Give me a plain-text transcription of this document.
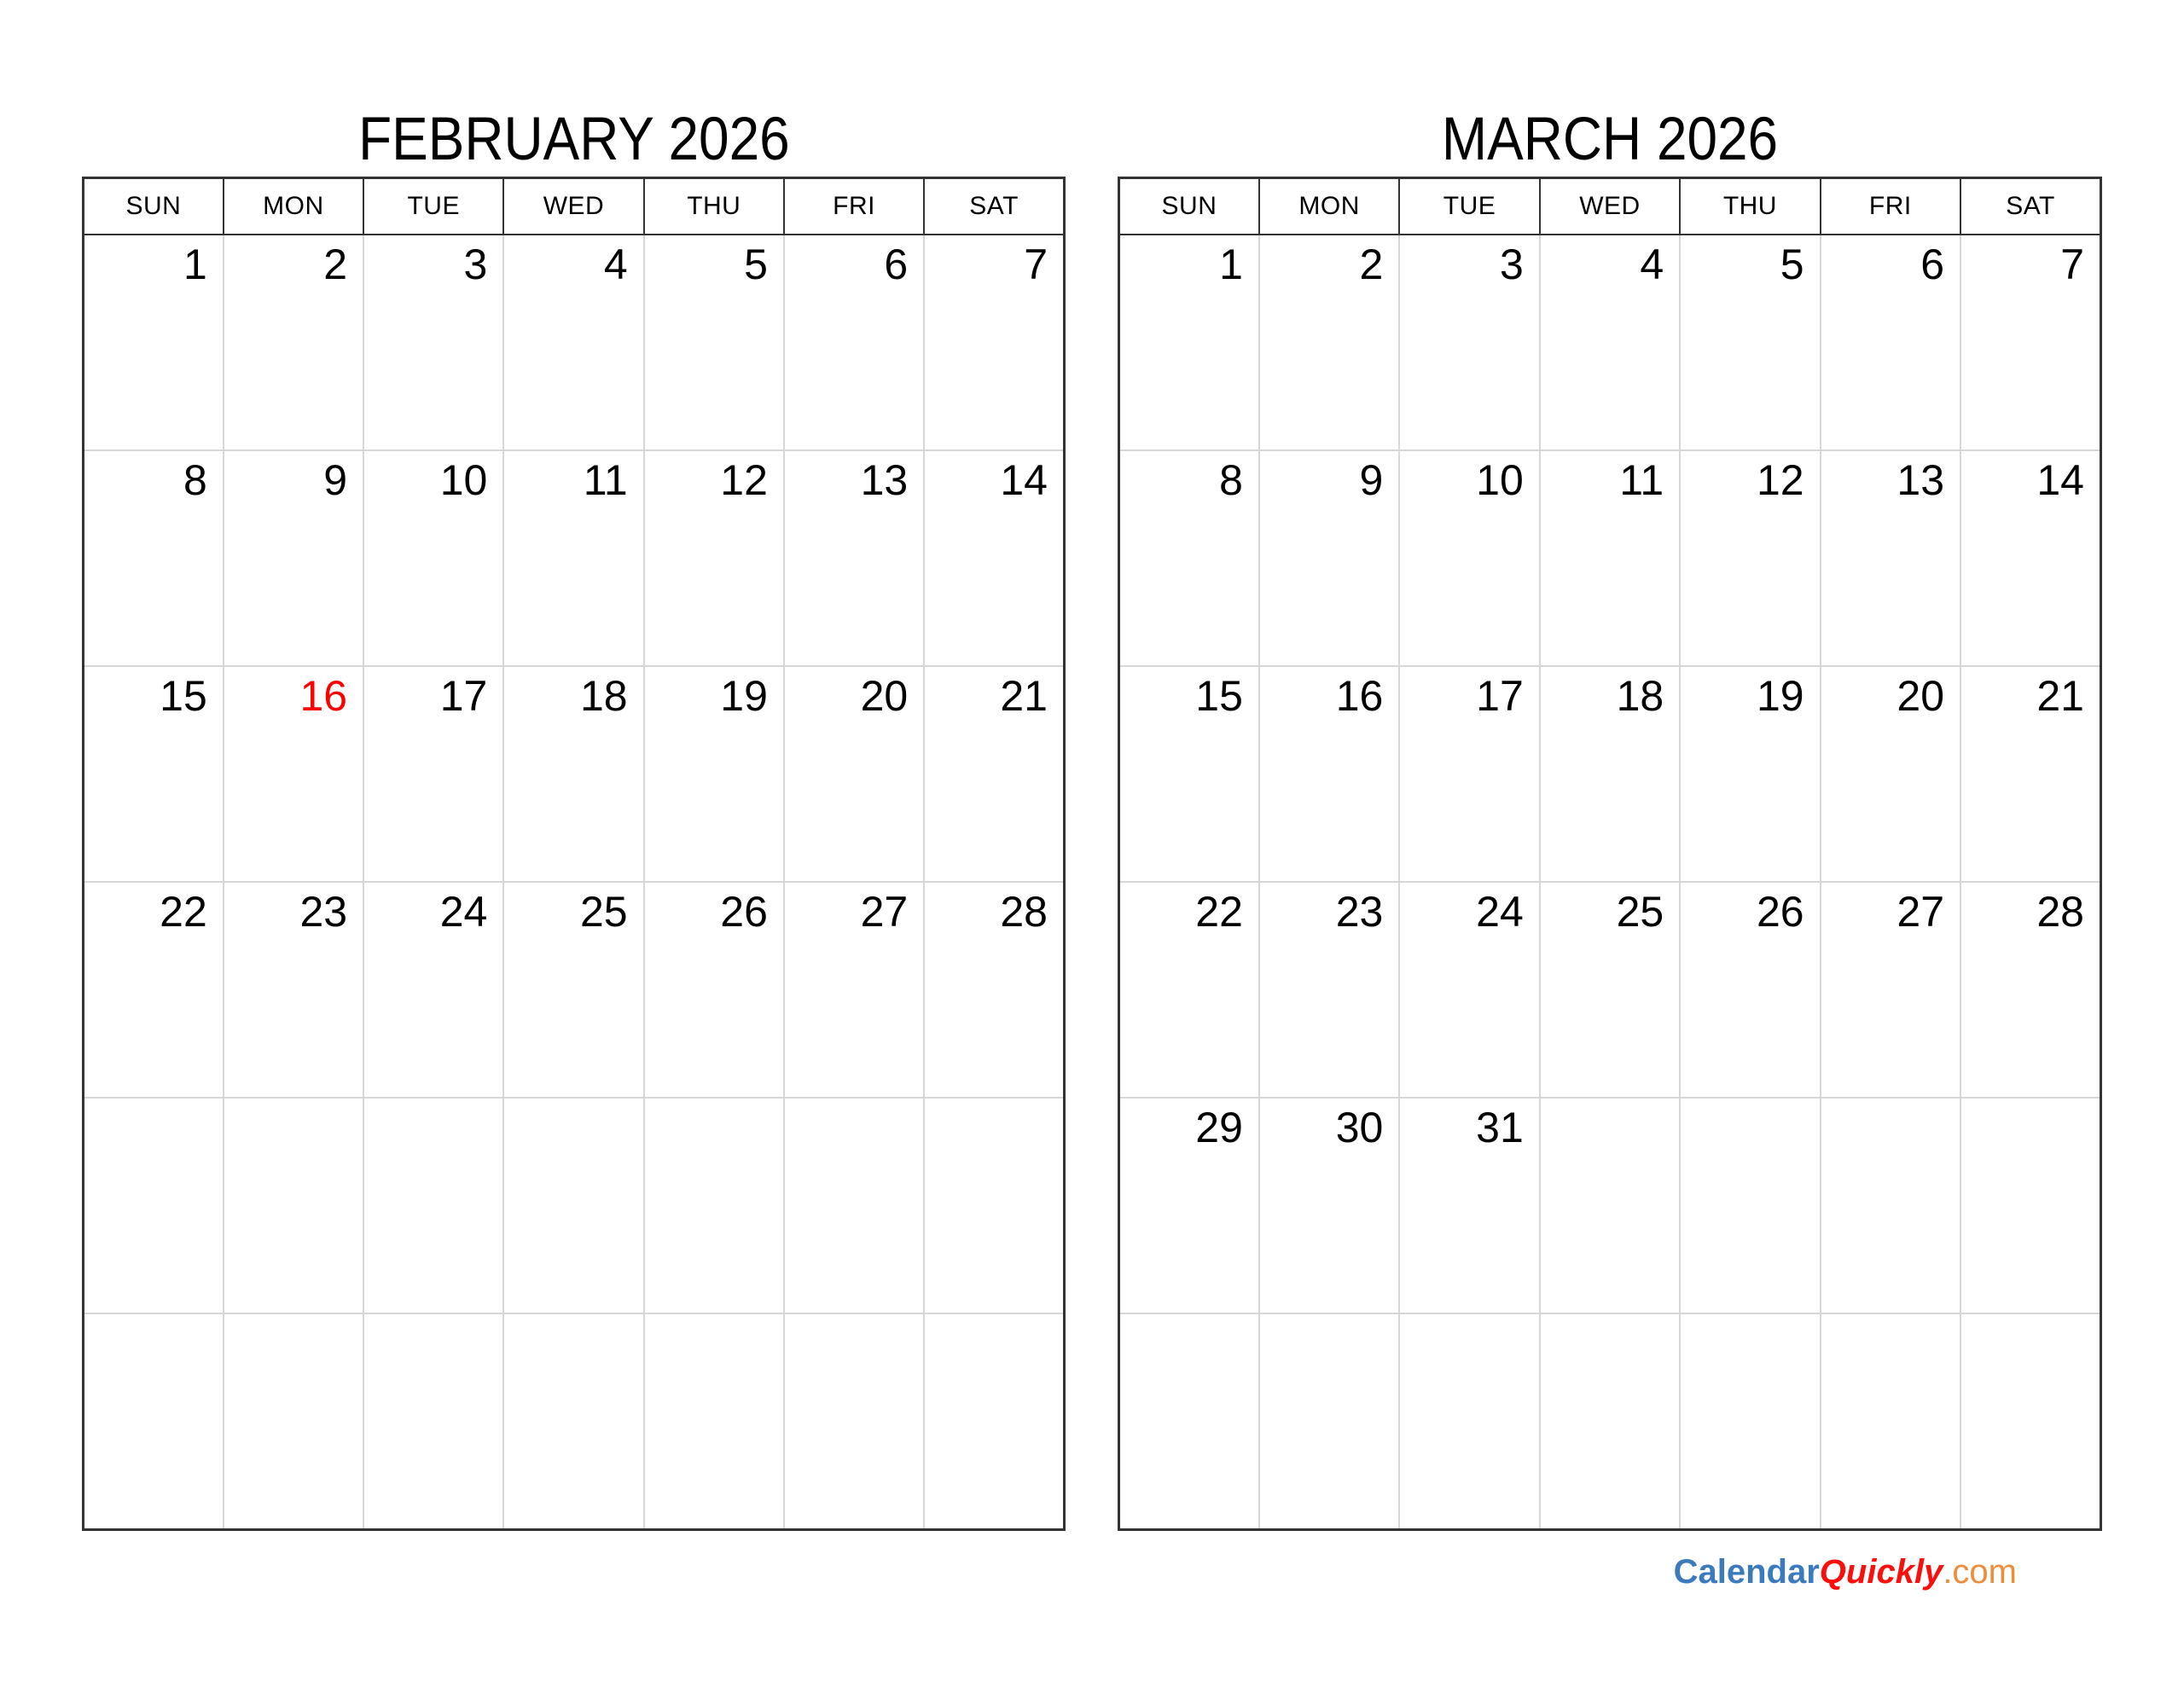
FEBRUARY 2026
SUN	MON	TUE	WED	THU	FRI	SAT
1	2	3	4	5	6	7
8	9	10	11	12	13	14
15	16	17	18	19	20	21
22	23	24	25	26	27	28

MARCH 2026
SUN	MON	TUE	WED	THU	FRI	SAT
1	2	3	4	5	6	7
8	9	10	11	12	13	14
15	16	17	18	19	20	21
22	23	24	25	26	27	28
29	30	31				

CalendarQuickly.com
